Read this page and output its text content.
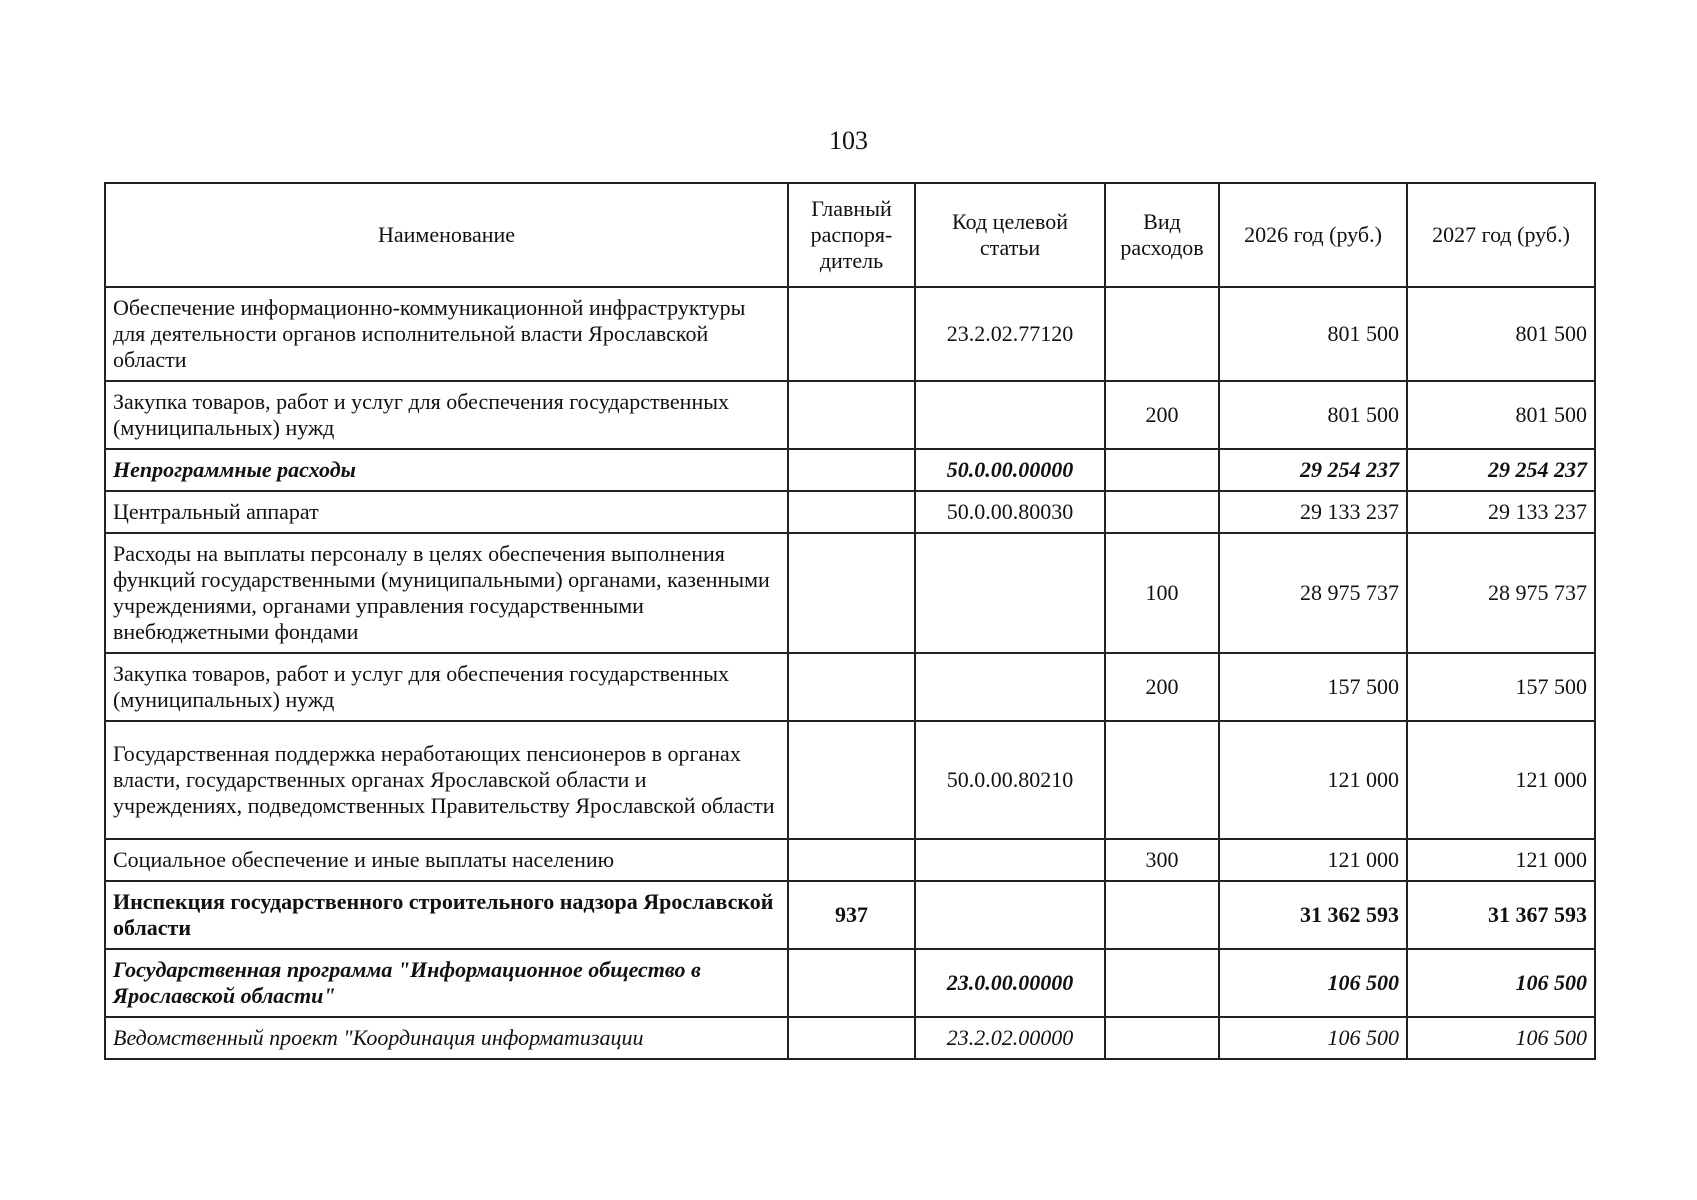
103
Наименование	Главный распоря-дитель	Код целевой статьи	Вид расходов	2026 год (руб.)	2027 год (руб.)
Обеспечение информационно-коммуникационной инфраструктуры для деятельности органов исполнительной власти Ярославской области		23.2.02.77120		801 500	801 500
Закупка товаров, работ и услуг для обеспечения государственных (муниципальных) нужд			200	801 500	801 500
Непрограммные расходы		50.0.00.00000		29 254 237	29 254 237
Центральный аппарат		50.0.00.80030		29 133 237	29 133 237
Расходы на выплаты персоналу в целях обеспечения выполнения функций государственными (муниципальными) органами, казенными учреждениями, органами управления государственными внебюджетными фондами			100	28 975 737	28 975 737
Закупка товаров, работ и услуг для обеспечения государственных (муниципальных) нужд			200	157 500	157 500
Государственная поддержка неработающих пенсионеров в органах власти, государственных органах Ярославской области и учреждениях, подведомственных Правительству Ярославской области		50.0.00.80210		121 000	121 000
Социальное обеспечение и иные выплаты населению			300	121 000	121 000
Инспекция государственного строительного надзора Ярославской области	937			31 362 593	31 367 593
Государственная программа "Информационное общество в Ярославской области"		23.0.00.00000		106 500	106 500
Ведомственный проект "Координация информатизации		23.2.02.00000		106 500	106 500
